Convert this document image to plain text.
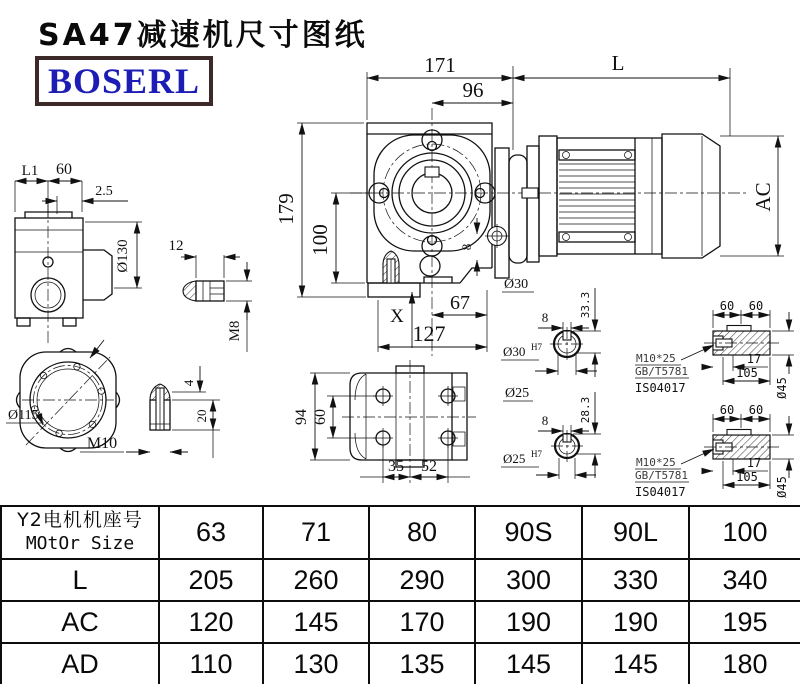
171
96
L
AC
179
100
X
67
127
8
L1 60
2.5
Ø130	12
M8
Ø115
4
20
M10
94 60
35 52
Ø30
8	33.3
Ø30 H7
Ø25
8	28.3
Ø25 H7
60 60
17
105
Ø45
M10*25
GB/T5781
IS04017
60 60
17
105 Ø45
M10*25
GB/T5781
IS04017
SA47减速机尺寸图纸
BOSERL
Y2电机机座号
MOtOr Size	63	71	80	90S	90L	100
L	205	260	290	300	330	340
AC	120	145	170	190	190	195
AD	110	130	135	145	145	180
